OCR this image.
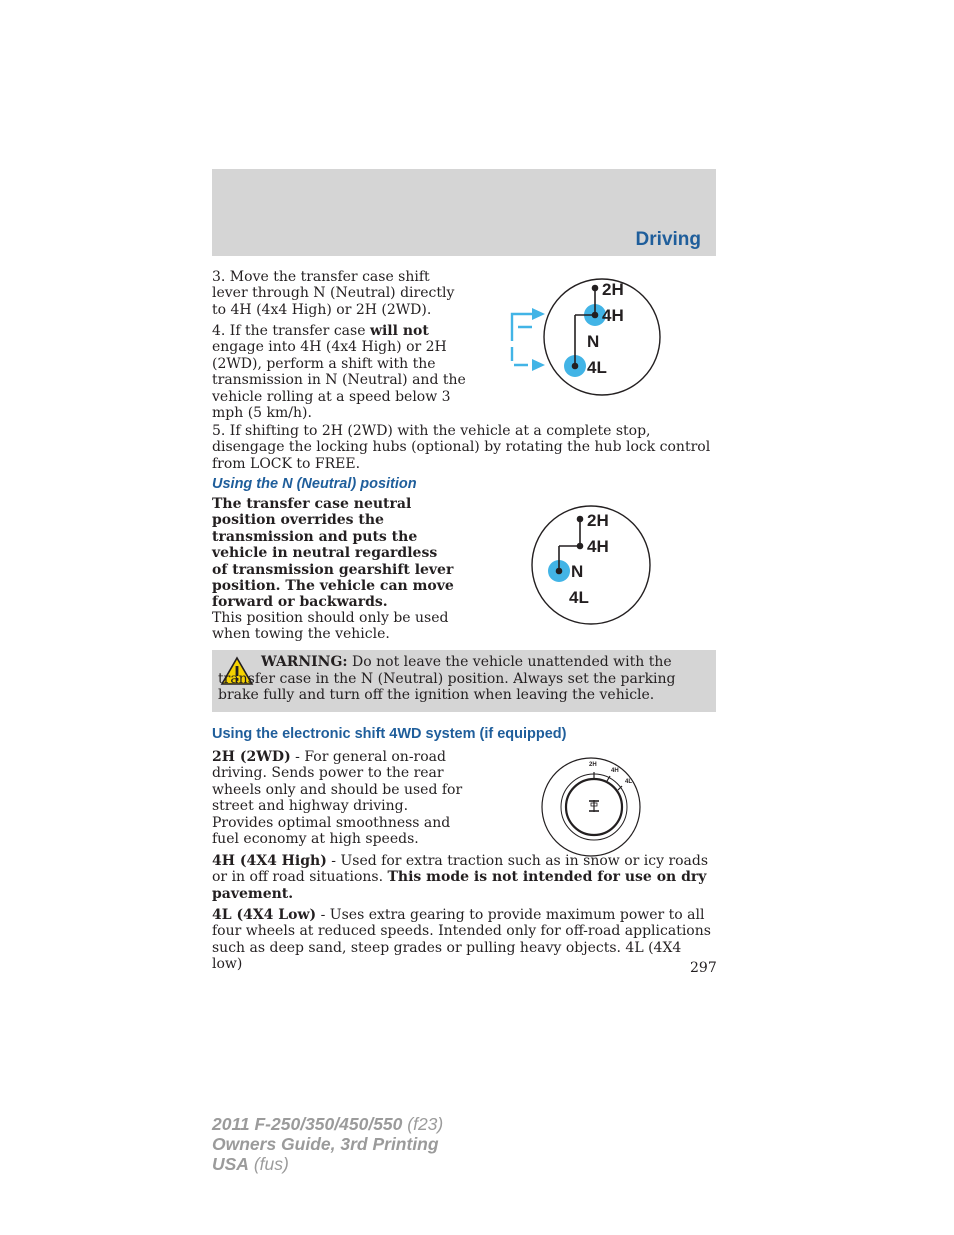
Driving

3. Move the transfer case shift lever through N (Neutral) directly to 4H (4x4 High) or 2H (2WD).

4. If the transfer case will not engage into 4H (4x4 High) or 2H (2WD), perform a shift with the transmission in N (Neutral) and the vehicle rolling at a speed below 3 mph (5 km/h).

2H
4H
N
4L

5. If shifting to 2H (2WD) with the vehicle at a complete stop, disengage the locking hubs (optional) by rotating the hub lock control from LOCK to FREE.

Using the N (Neutral) position

The transfer case neutral position overrides the transmission and puts the vehicle in neutral regardless of transmission gearshift lever position. The vehicle can move forward or backwards.

This position should only be used when towing the vehicle.

2H
4H
N
4L
WARNING: Do not leave the vehicle unattended with the transfer case in the N (Neutral) position. Always set the parking brake fully and turn off the ignition when leaving the vehicle.
Using the electronic shift 4WD system (if equipped)

2H (2WD) - For general on-road driving. Sends power to the rear wheels only and should be used for street and highway driving. Provides optimal smoothness and fuel economy at high speeds.

4H (4X4 High) - Used for extra traction such as in snow or icy roads or in off road situations. This mode is not intended for use on dry pavement.

4L (4X4 Low) - Uses extra gearing to provide maximum power to all four wheels at reduced speeds. Intended only for off-road applications such as deep sand, steep grades or pulling heavy objects. 4L (4X4 low)

2H
4H
4L
297
2011 F-250/350/450/550 (f23)
Owners Guide, 3rd Printing
USA (fus)
